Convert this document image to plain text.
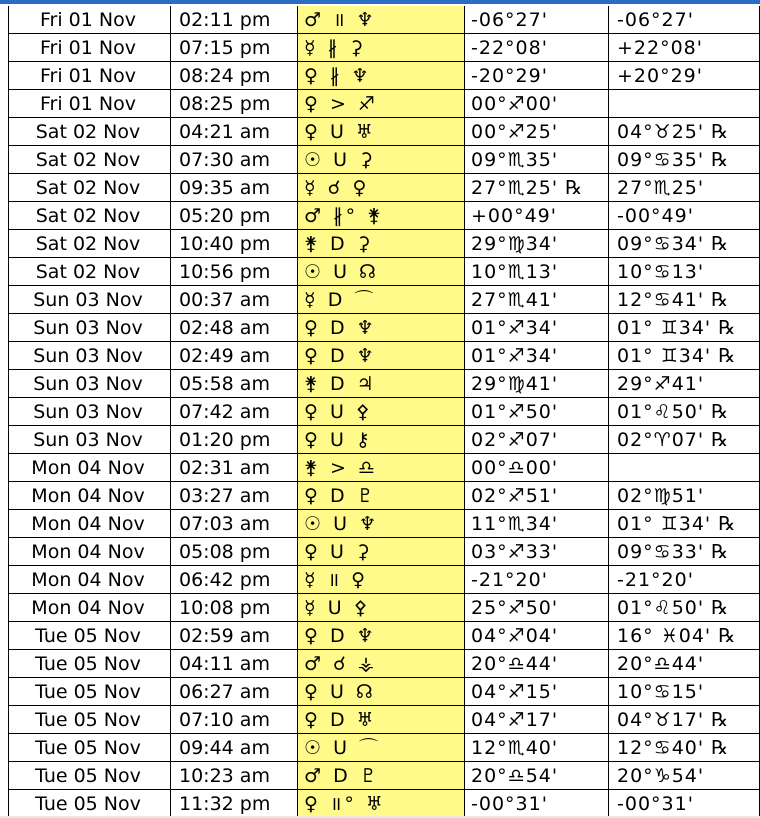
Fri 01 Nov	02:11 pm	♂ ॥ ♆	-06°27'	-06°27'
Fri 01 Nov	07:15 pm	☿ ∦ ⚳	-22°08'	+22°08'
Fri 01 Nov	08:24 pm	♀ ∦ ♆	-20°29'	+20°29'
Fri 01 Nov	08:25 pm	♀ > ♐	00°♐00'
Sat 02 Nov	04:21 am	♀ U ♅	00°♐25'	04°♉25' ℞
Sat 02 Nov	07:30 am	☉ U ⚳	09°♏35'	09°♋35' ℞
Sat 02 Nov	09:35 am	☿ ☌ ♀	27°♏25' ℞	27°♏25'
Sat 02 Nov	05:20 pm	♂ ∦° ⚵	+00°49'	-00°49'
Sat 02 Nov	10:40 pm	⚵ D ⚳	29°♍34'	09°♋34' ℞
Sat 02 Nov	10:56 pm	☉ U ☊	10°♏13'	10°♋13'
Sun 03 Nov	00:37 am	☿ D ⌒	27°♏41'	12°♋41' ℞
Sun 03 Nov	02:48 am	♀ D ♆	01°♐34'	01° ♊34' ℞
Sun 03 Nov	02:49 am	♀ D ♆	01°♐34'	01° ♊34' ℞
Sun 03 Nov	05:58 am	⚵ D ♃	29°♍41'	29°♐41'
Sun 03 Nov	07:42 am	♀ U ⚴	01°♐50'	01°♌50' ℞
Sun 03 Nov	01:20 pm	♀ U ⚷	02°♐07'	02°♈07' ℞
Mon 04 Nov	02:31 am	⚵ > ♎	00°♎00'
Mon 04 Nov	03:27 am	♀ D ♇	02°♐51'	02°♍51'
Mon 04 Nov	07:03 am	☉ U ♆	11°♏34'	01° ♊34' ℞
Mon 04 Nov	05:08 pm	♀ U ⚳	03°♐33'	09°♋33' ℞
Mon 04 Nov	06:42 pm	☿ ॥ ♀	-21°20'	-21°20'
Mon 04 Nov	10:08 pm	☿ U ⚴	25°♐50'	01°♌50' ℞
Tue 05 Nov	02:59 am	♀ D ♆	04°♐04'	16° ♓04' ℞
Tue 05 Nov	04:11 am	♂ ☌ ⚶	20°♎44'	20°♎44'
Tue 05 Nov	06:27 am	♀ U ☊	04°♐15'	10°♋15'
Tue 05 Nov	07:10 am	♀ D ♅	04°♐17'	04°♉17' ℞
Tue 05 Nov	09:44 am	☉ U ⌒	12°♏40'	12°♋40' ℞
Tue 05 Nov	10:23 am	♂ D ♇	20°♎54'	20°♑54'
Tue 05 Nov	11:32 pm	♀ ॥° ♅	-00°31'	-00°31'
